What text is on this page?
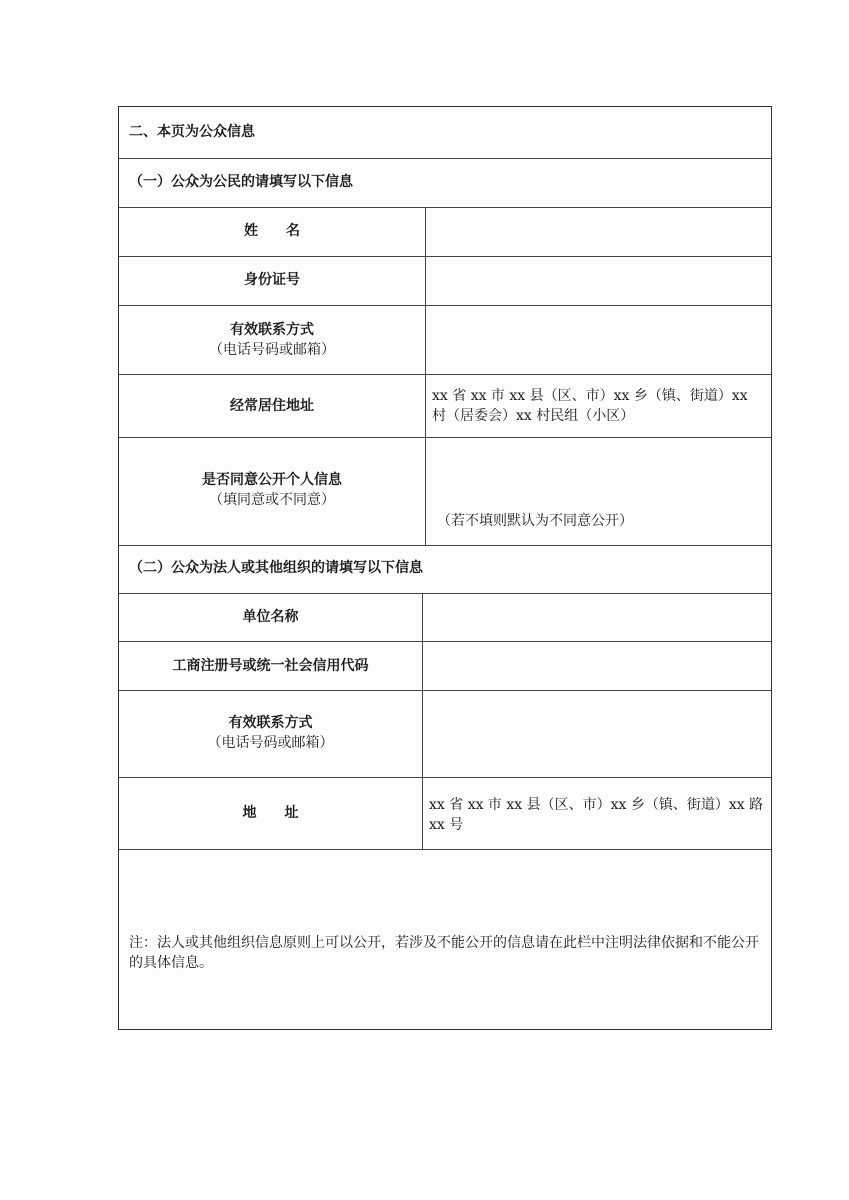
二、本页为公众信息
（一）公众为公民的请填写以下信息
姓　　名
身份证号
有效联系方式
（电话号码或邮箱）
经常居住地址
xx 省 xx 市 xx 县（区、市）xx 乡（镇、街道）xx 村（居委会）xx 村民组（小区）
是否同意公开个人信息
（填同意或不同意）
（若不填则默认为不同意公开）
（二）公众为法人或其他组织的请填写以下信息
单位名称
工商注册号或统一社会信用代码
有效联系方式
（电话号码或邮箱）
地　　址	xx 省 xx 市 xx 县（区、市）xx 乡（镇、街道）xx 路 xx 号
注：法人或其他组织信息原则上可以公开，若涉及不能公开的信息请在此栏中注明法律依据和不能公开的具体信息。
